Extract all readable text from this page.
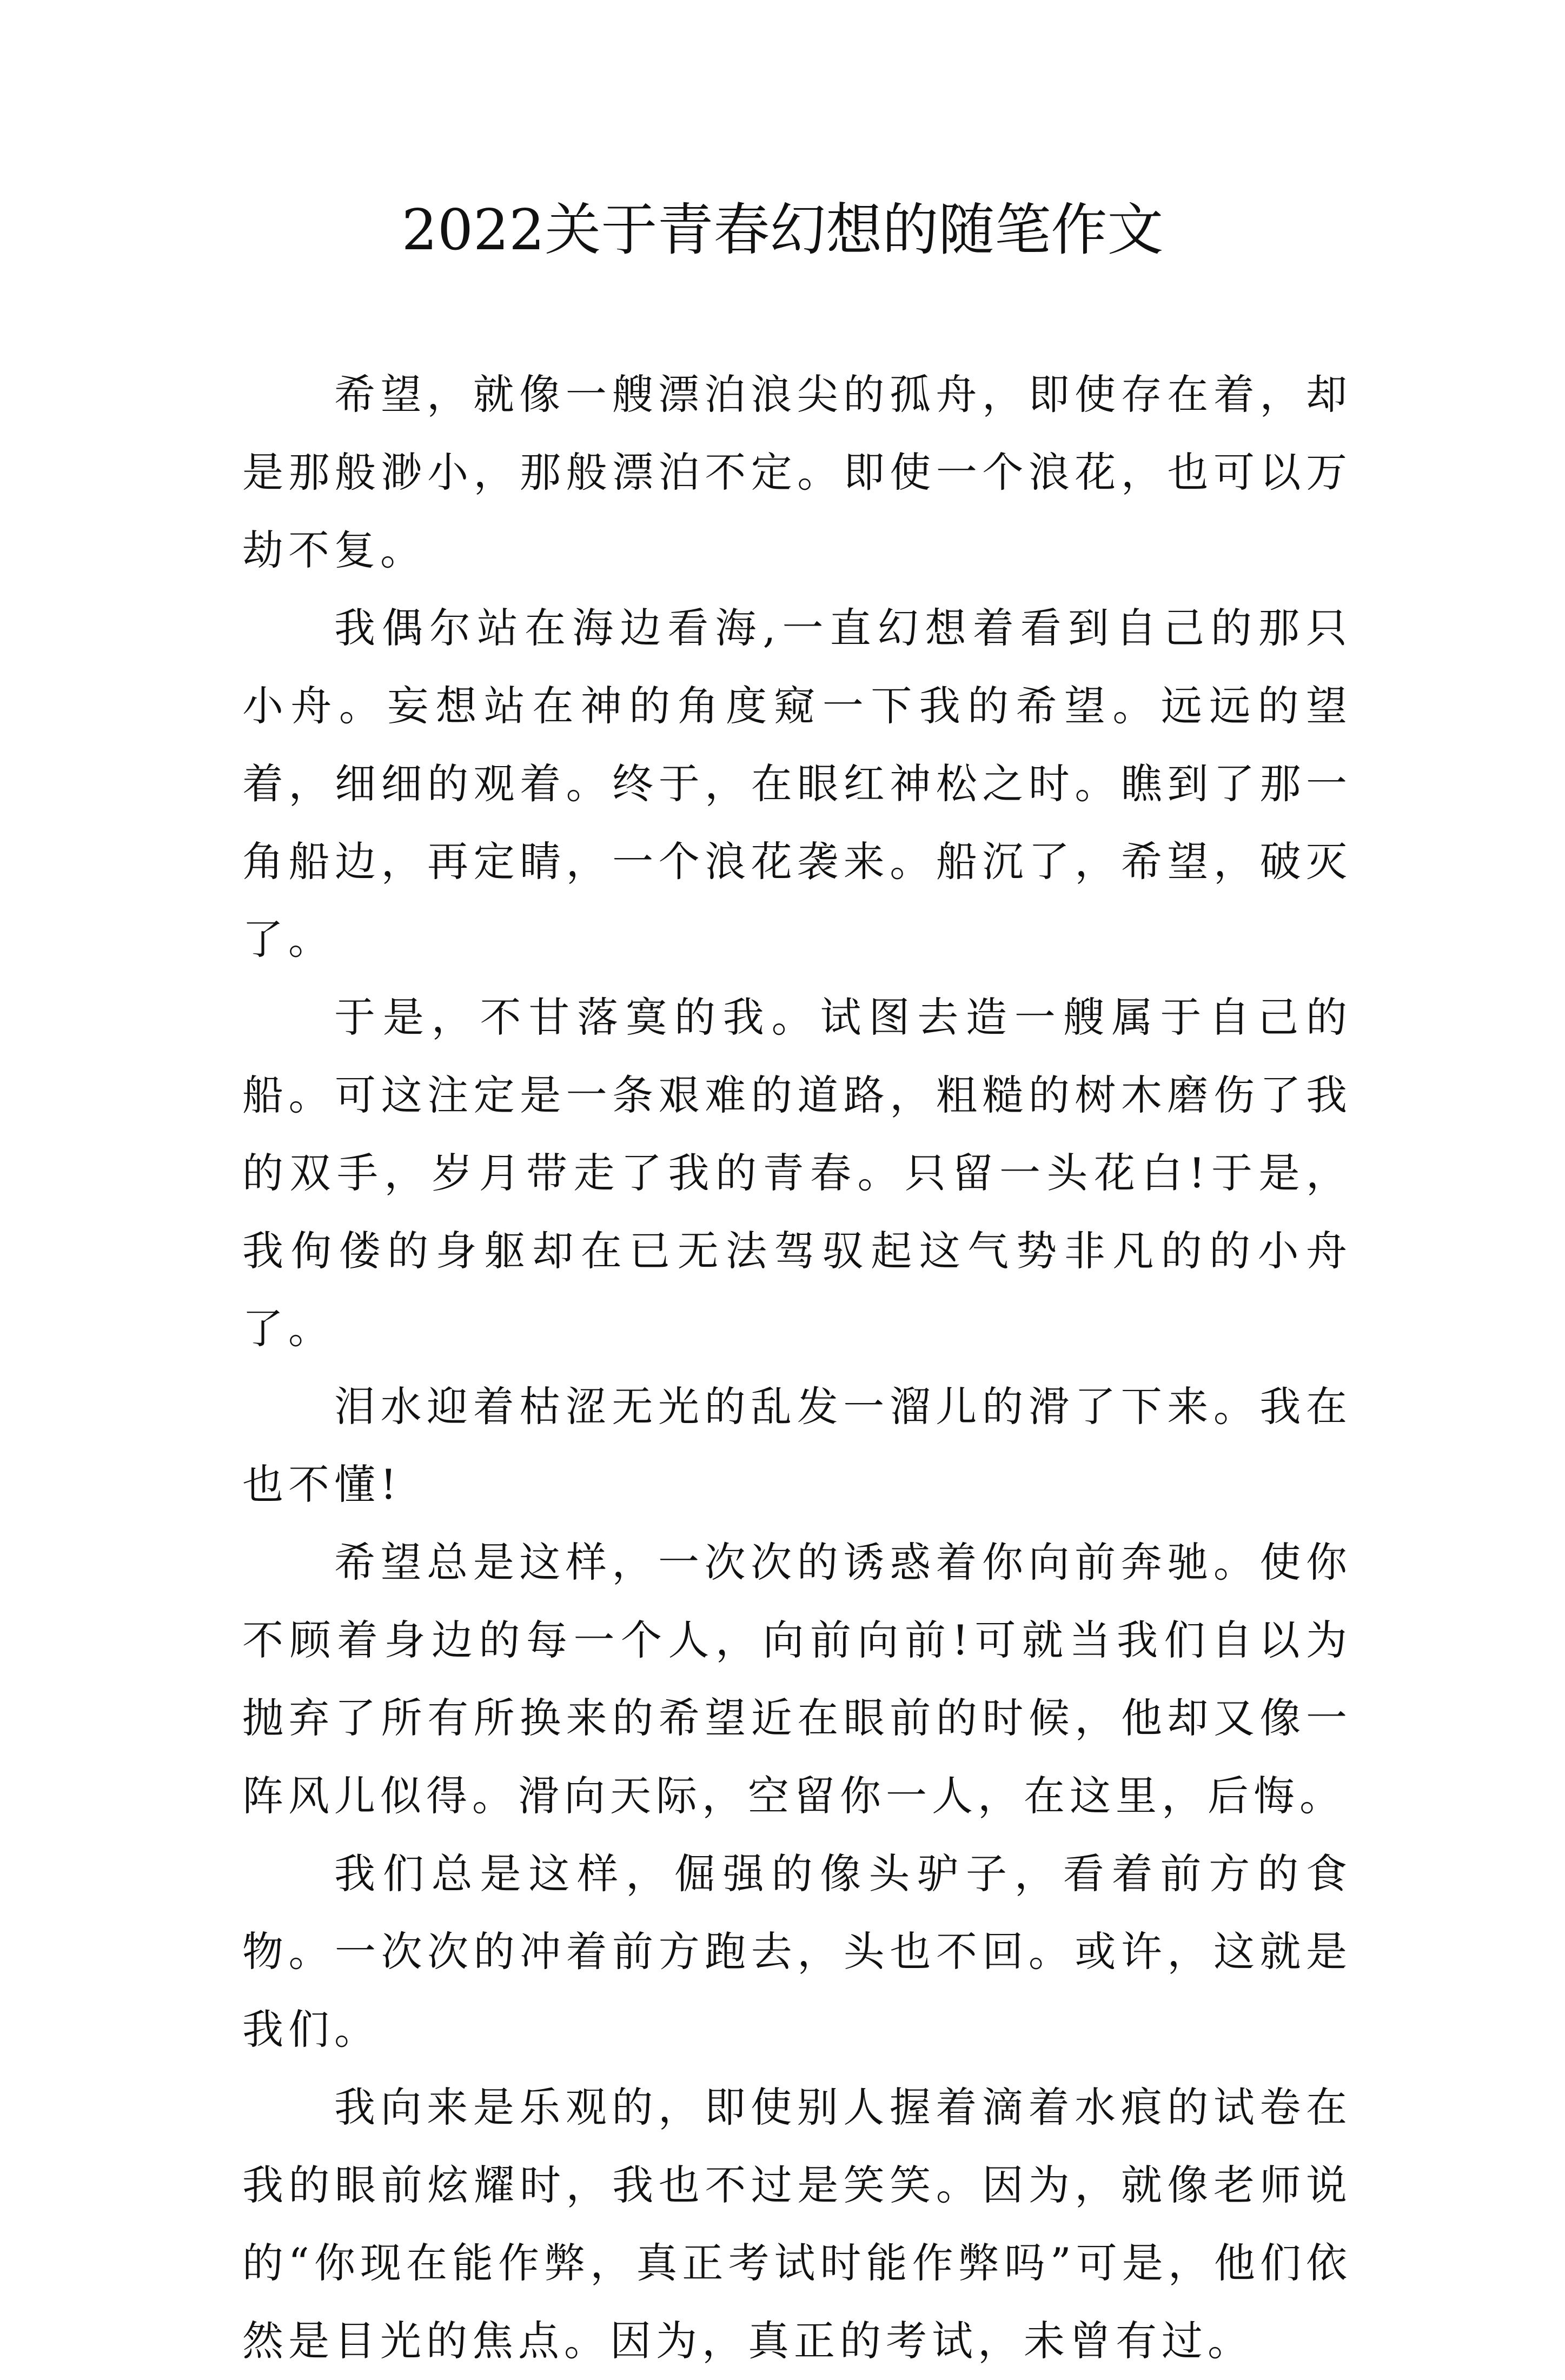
2022关于青春幻想的随笔作文

希望，就像一艘漂泊浪尖的孤舟，即使存在着，却是那般渺小，那般漂泊不定。即使一个浪花，也可以万劫不复。

我偶尔站在海边看海,一直幻想着看到自己的那只小舟。妄想站在神的角度窥一下我的希望。远远的望着，细细的观着。终于，在眼红神松之时。瞧到了那一角船边，再定睛，一个浪花袭来。船沉了，希望，破灭了。

于是，不甘落寞的我。试图去造一艘属于自己的船。可这注定是一条艰难的道路，粗糙的树木磨伤了我的双手，岁月带走了我的青春。只留一头花白!于是，我佝偻的身躯却在已无法驾驭起这气势非凡的的小舟了。

泪水迎着枯涩无光的乱发一溜儿的滑了下来。我在也不懂!

希望总是这样，一次次的诱惑着你向前奔驰。使你不顾着身边的每一个人，向前向前!可就当我们自以为抛弃了所有所换来的希望近在眼前的时候，他却又像一阵风儿似得。滑向天际，空留你一人，在这里，后悔。

我们总是这样，倔强的像头驴子，看着前方的食物。一次次的冲着前方跑去，头也不回。或许，这就是我们。

我向来是乐观的，即使别人握着滴着水痕的试卷在我的眼前炫耀时，我也不过是笑笑。因为，就像老师说的“你现在能作弊，真正考试时能作弊吗”可是，他们依然是目光的焦点。因为，真正的考试，未曾有过。
